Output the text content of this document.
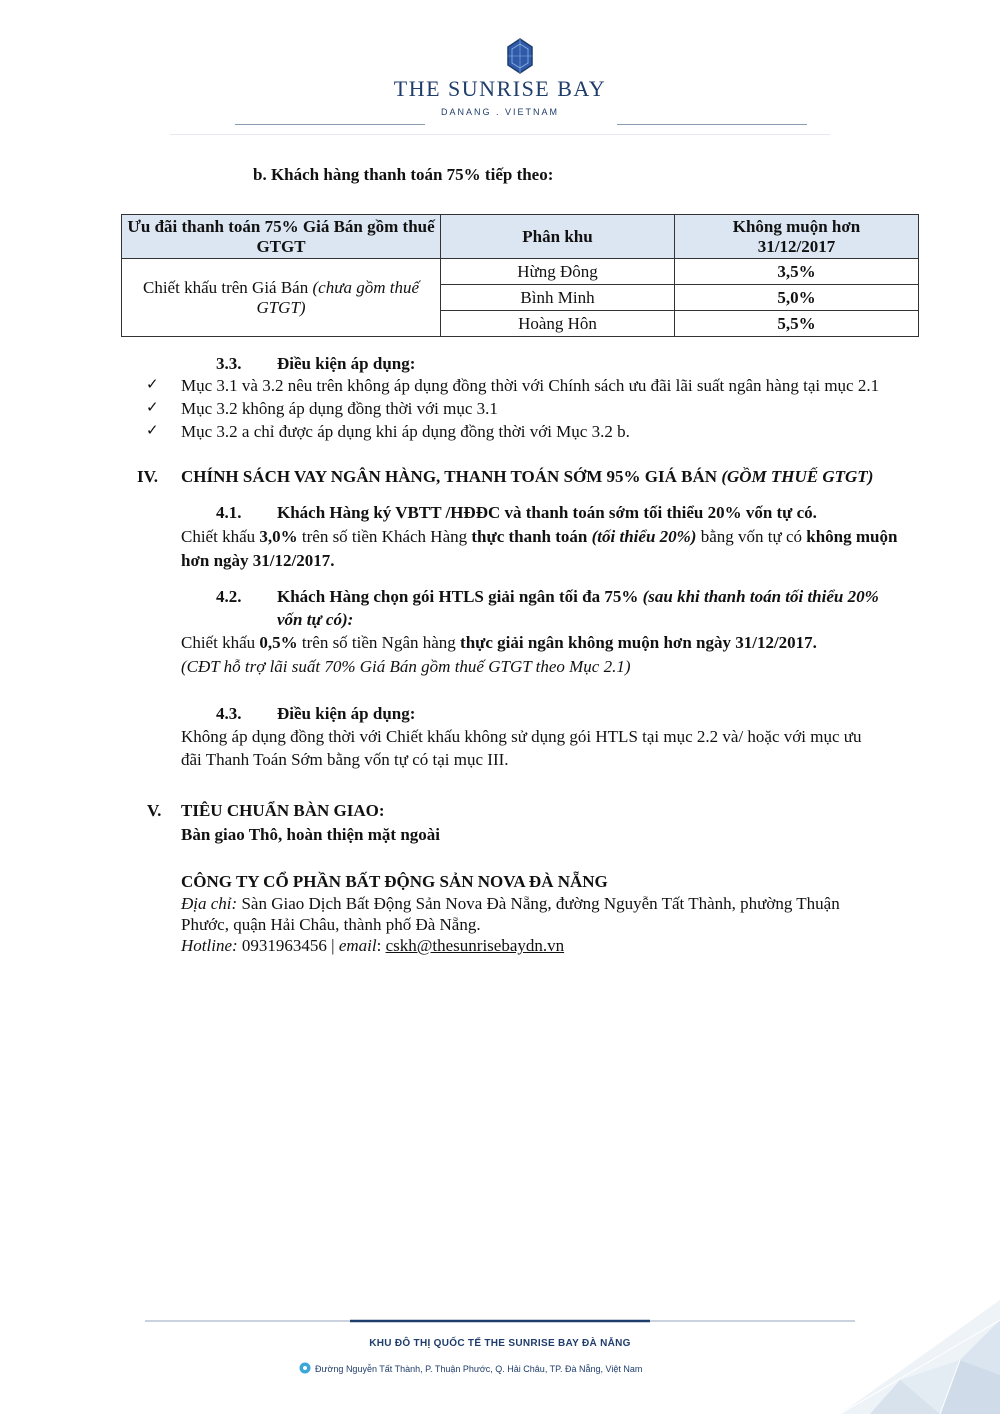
THE SUNRISE BAY
DANANG . VIETNAM
b. Khách hàng thanh toán 75% tiếp theo:
Ưu đãi thanh toán 75% Giá Bán gồm thuế GTGT	Phân khu	Không muộn hơn
31/12/2017
Chiết khấu trên Giá Bán (chưa gồm thuế GTGT)	Hừng Đông	3,5%
	Bình Minh	5,0%
	Hoàng Hôn	5,5%
3.3. Điều kiện áp dụng:
✓ Mục 3.1 và 3.2 nêu trên không áp dụng đồng thời với Chính sách ưu đãi lãi suất ngân hàng tại mục 2.1
✓ Mục 3.2 không áp dụng đồng thời với mục 3.1
✓ Mục 3.2 a chỉ được áp dụng khi áp dụng đồng thời với Mục 3.2 b.
IV. CHÍNH SÁCH VAY NGÂN HÀNG, THANH TOÁN SỚM 95% GIÁ BÁN (GỒM THUẾ GTGT)
4.1. Khách Hàng ký VBTT /HĐĐC và thanh toán sớm tối thiểu 20% vốn tự có.
Chiết khấu 3,0% trên số tiền Khách Hàng thực thanh toán (tối thiểu 20%) bằng vốn tự có không muộn
hơn ngày 31/12/2017.
4.2. Khách Hàng chọn gói HTLS giải ngân tối đa 75% (sau khi thanh toán tối thiểu 20%
vốn tự có):
Chiết khấu 0,5% trên số tiền Ngân hàng thực giải ngân không muộn hơn ngày 31/12/2017.
(CĐT hỗ trợ lãi suất 70% Giá Bán gồm thuế GTGT theo Mục 2.1)
4.3. Điều kiện áp dụng:
Không áp dụng đồng thời với Chiết khấu không sử dụng gói HTLS tại mục 2.2 và/ hoặc với mục ưu
đãi Thanh Toán Sớm bằng vốn tự có tại mục III.
V. TIÊU CHUẨN BÀN GIAO:
Bàn giao Thô, hoàn thiện mặt ngoài
CÔNG TY CỔ PHẦN BẤT ĐỘNG SẢN NOVA ĐÀ NẴNG
Địa chỉ: Sàn Giao Dịch Bất Động Sản Nova Đà Nẵng, đường Nguyễn Tất Thành, phường Thuận
Phước, quận Hải Châu, thành phố Đà Nẵng.
Hotline: 0931963456 | email: cskh@thesunrisebaydn.vn
KHU ĐÔ THỊ QUỐC TẾ THE SUNRISE BAY ĐÀ NẴNG
Đường Nguyễn Tất Thành, P. Thuận Phước, Q. Hải Châu, TP. Đà Nẵng, Việt Nam
